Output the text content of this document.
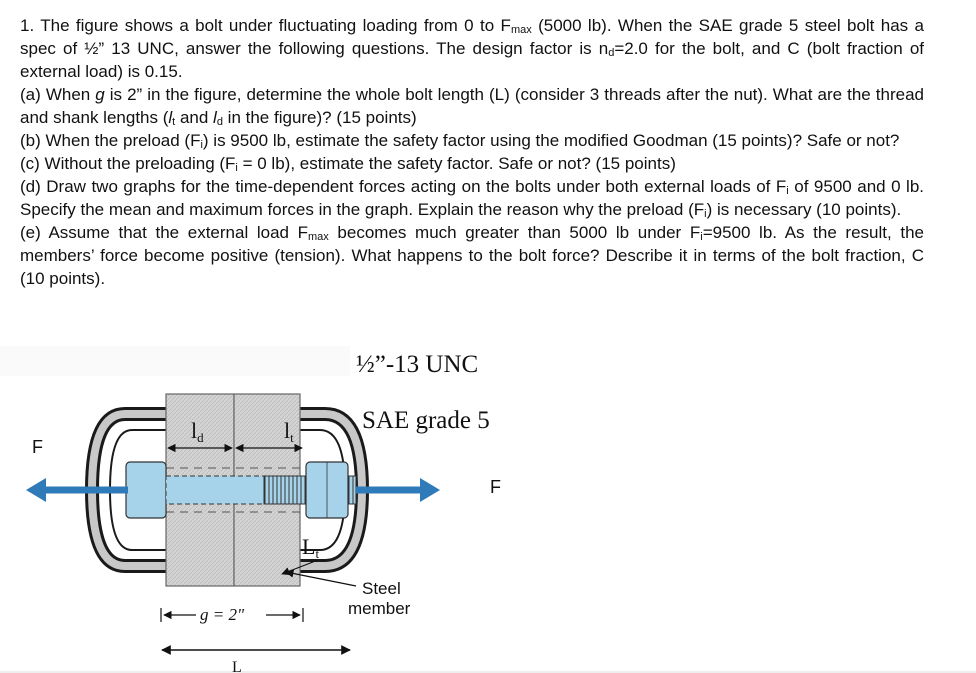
1. The figure shows a bolt under fluctuating loading from 0 to $F_{max}$ (5000 lb). When the SAE grade 5 steel bolt has a spec of ½” 13 UNC, answer the following questions. The design factor is $n_d=2.0$ for the bolt, and C (bolt fraction of external load) is 0.15.

(a) When g is 2” in the figure, determine the whole bolt length (L) (consider 3 threads after the nut). What are the thread and shank lengths ($l_t$ and $l_d$ in the figure)? (15 points)

(b) When the preload $(F_i)$ is 9500 lb, estimate the safety factor using the modified Goodman (15 points)? Safe or not?

(c) Without the preloading ($F_i = 0$ lb), estimate the safety factor. Safe or not? (15 points)

(d) Draw two graphs for the time-dependent forces acting on the bolts under both external loads of $F_i$ of 9500 and 0 lb. Specify the mean and maximum forces in the graph. Explain the reason why the preload $(F_i)$ is necessary (10 points).

(e) Assume that the external load $F_{max}$ becomes much greater than 5000 lb under $F_i=9500$ lb. As the result, the members’ force become positive (tension). What happens to the bolt force? Describe it in terms of the bolt fraction, C (10 points).

½”-13 UNC
SAE grade 5
F
F
ld	lt
Lt
Steel
member
g = 2"
L
